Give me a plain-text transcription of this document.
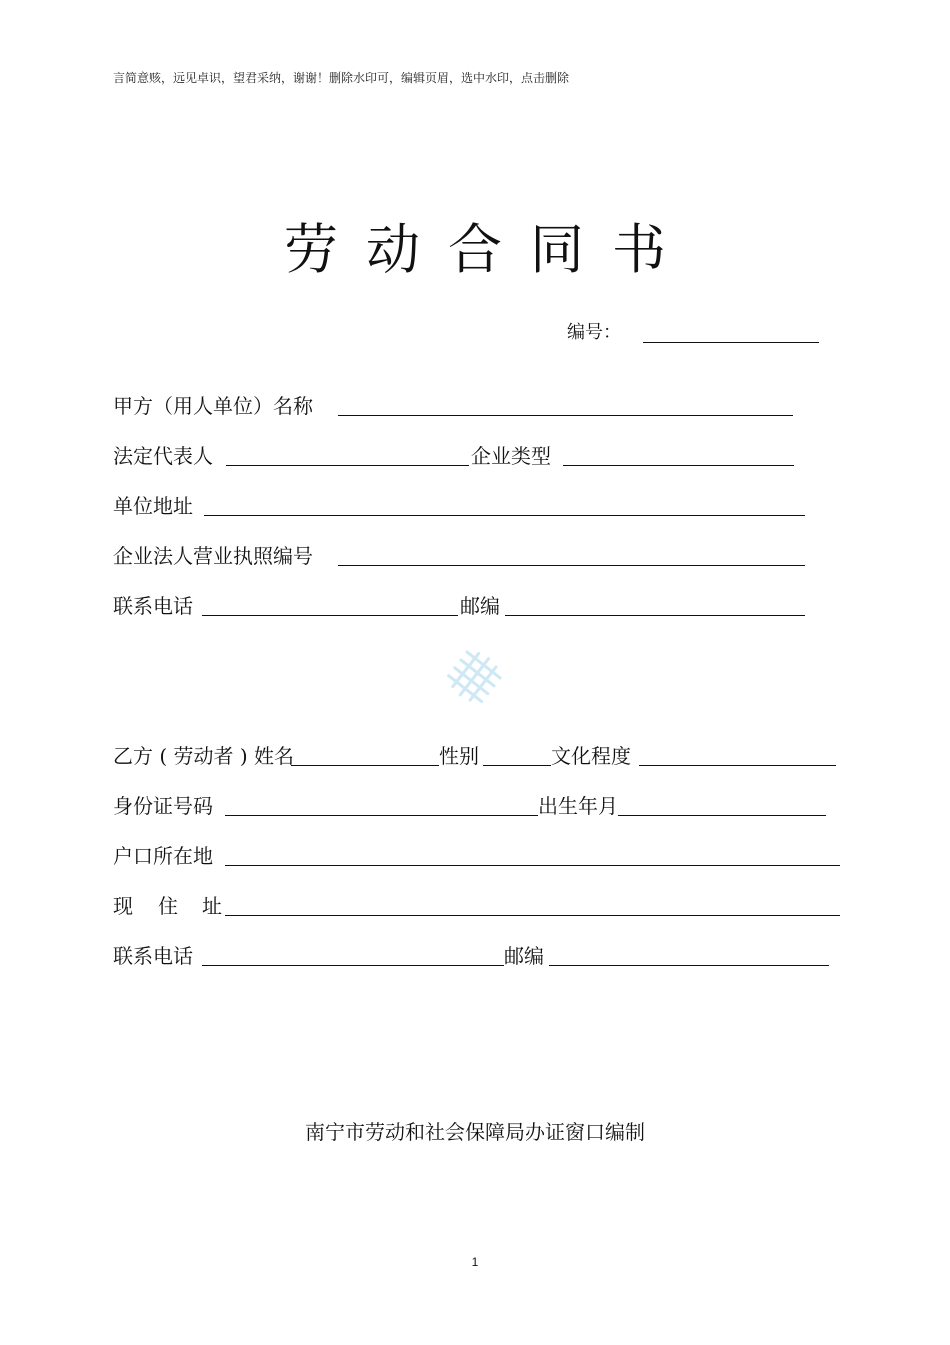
言简意赅，远见卓识，望君采纳，谢谢！删除水印可，编辑页眉，选中水印，点击删除
劳 动 合 同 书
编号：
甲方（用人单位）名称
法定代表人	企业类型
单位地址
企业法人营业执照编号
联系电话	邮编
乙方 ( 劳动者 ) 姓名	性别	文化程度
身份证号码	出生年月
户口所在地
现 住 址
联系电话	邮编
南宁市劳动和社会保障局办证窗口编制
1
